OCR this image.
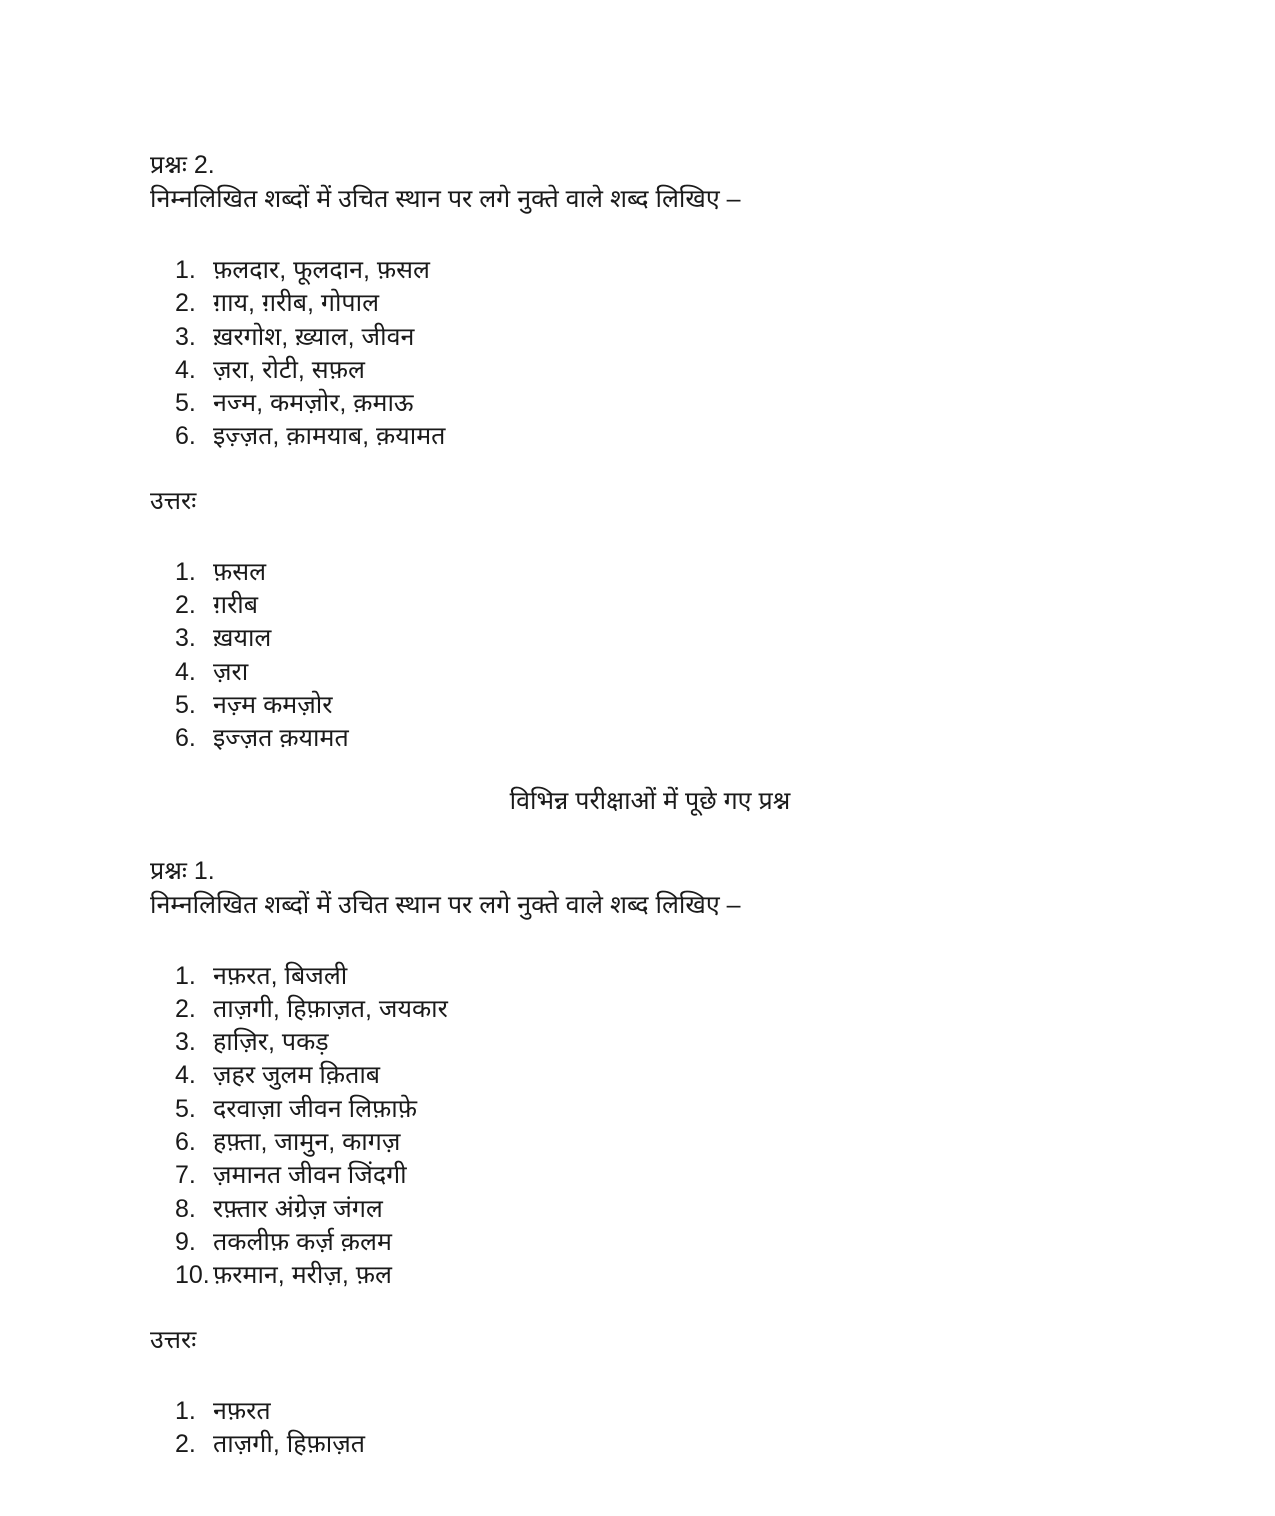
प्रश्नः 2.
निम्नलिखित शब्दों में उचित स्थान पर लगे नुक्ते वाले शब्द लिखिए –
1. फ़लदार, फूलदान, फ़सल
2. ग़ाय, ग़रीब, गोपाल
3. ख़रगोश, ख़्याल, जीवन
4. ज़रा, रोटी, सफ़ल
5. नज्म, कमज़ोर, क़माऊ
6. इज़्ज़त, क़ामयाब, क़यामत
उत्तरः
1. फ़सल
2. ग़रीब
3. ख़याल
4. ज़रा
5. नज़्म कमज़ोर
6. इज्ज़त क़यामत
विभिन्न परीक्षाओं में पूछे गए प्रश्न
प्रश्नः 1.
निम्नलिखित शब्दों में उचित स्थान पर लगे नुक्ते वाले शब्द लिखिए –
1. नफ़रत, बिजली
2. ताज़गी, हिफ़ाज़त, जयकार
3. हाज़िर, पकड़
4. ज़हर जुलम क़िताब
5. दरवाज़ा जीवन लिफ़ाफ़े
6. हफ़्ता, जामुन, कागज़
7. ज़मानत जीवन जिंदगी
8. रफ़्तार अंग्रेज़ जंगल
9. तकलीफ़ कर्ज़ क़लम
10. फ़रमान, मरीज़, फ़ल
उत्तरः
1. नफ़रत
2. ताज़गी, हिफ़ाज़त
